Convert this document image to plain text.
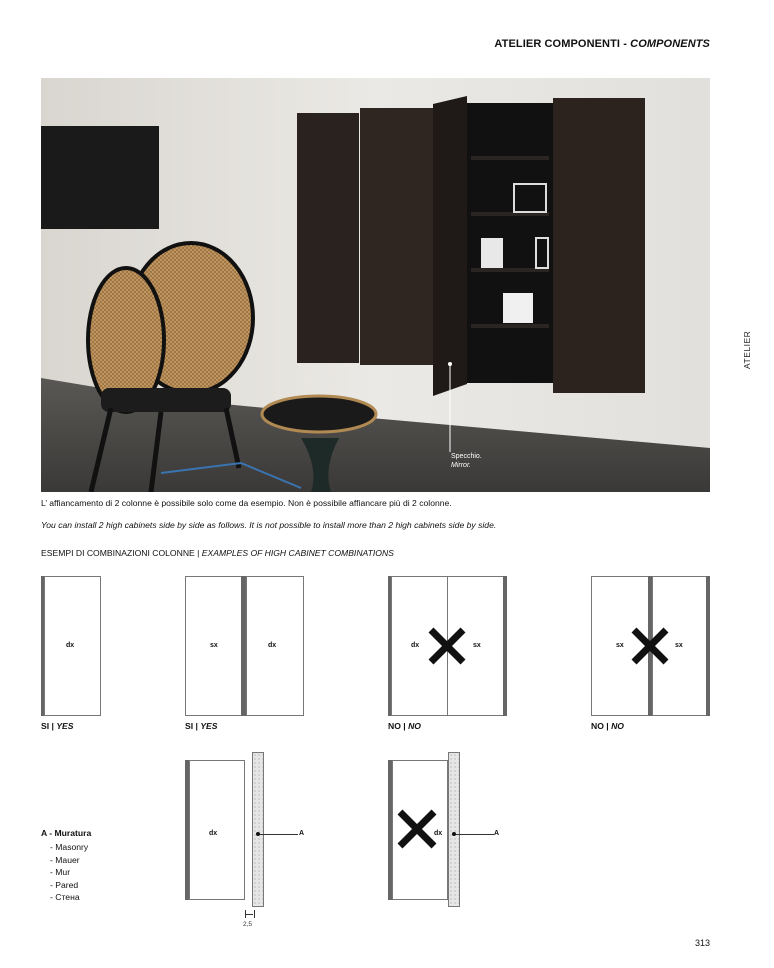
ATELIER COMPONENTI - COMPONENTS
ATELIER
Specchio.
Mirror.
L’ affiancamento di 2 colonne è possibile solo come da esempio. Non è possibile affiancare più di 2 colonne.
You can install 2 high cabinets side by side as follows. It is not possible to install more than 2 high cabinets side by side.
ESEMPI DI COMBINAZIONI COLONNE | EXAMPLES OF HIGH CABINET COMBINATIONS
dx
SI | YES
sx	dx
SI | YES
dx	sx
NO | NO
sx	sx
NO | NO
A - Muratura
- Masonry
- Mauer
- Mur
- Pared
- Стена
dx	A
2,5
dx	A
313
